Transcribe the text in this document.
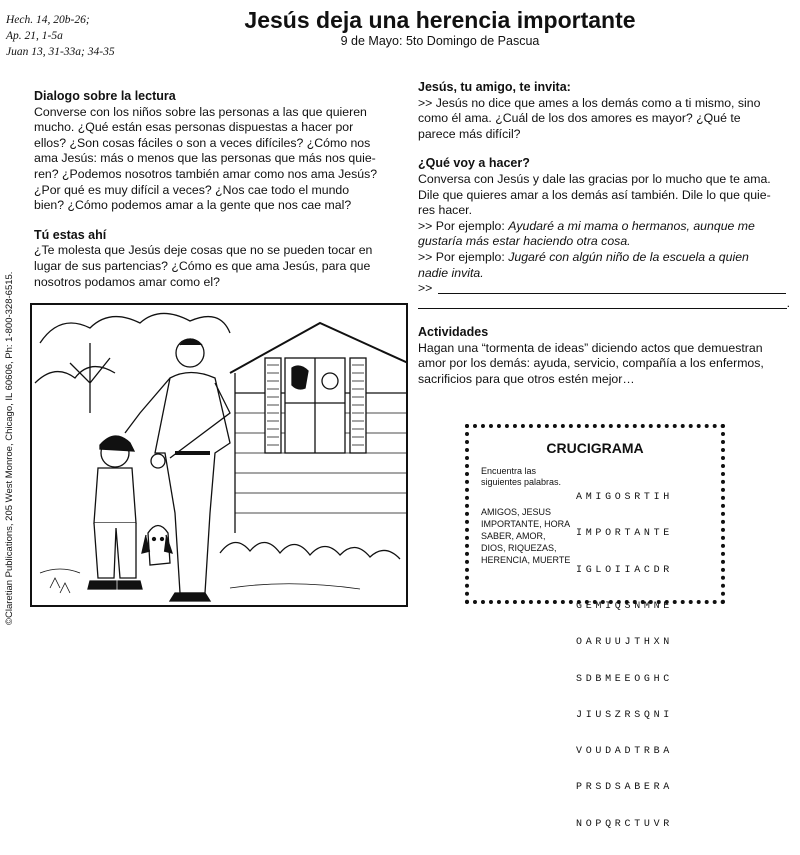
Hech. 14, 20b-26;
Ap. 21, 1-5a
Juan 13, 31-33a; 34-35
Jesús deja una herencia importante
9 de Mayo: 5to Domingo de Pascua

Dialogo sobre la lectura

Converse con los niños sobre las personas a las que quieren

mucho. ¿Qué están esas personas dispuestas a hacer por

ellos? ¿Son cosas fáciles o son a veces difíciles? ¿Cómo nos

ama Jesús: más o menos que las personas que más nos quie-

ren? ¿Podemos nosotros también amar como nos ama Jesús?

¿Por qué es muy difícil a veces? ¿Nos cae todo el mundo

bien? ¿Cómo podemos amar a la gente que nos cae mal?

Tú estas ahí

¿Te molesta que Jesús deje cosas que no se pueden tocar en

lugar de sus partencias? ¿Cómo es que ama Jesús, para que

nosotros podamos amar como el?

Jesús, tu amigo, te invita:

>> Jesús no dice que ames a los demás como a ti mismo, sino

como él ama. ¿Cuál de los dos amores es mayor? ¿Qué te

parece más difícil?

¿Qué voy a hacer?

Conversa con Jesús y dale las gracias por lo mucho que te ama.

Dile que quieres amar a los demás así también. Dile lo que quie-

res hacer.

>> Por ejemplo: Ayudaré a mi mama o hermanos, aunque me

gustaría más estar haciendo otra cosa.

>> Por ejemplo: Jugaré con algún niño de la escuela a quien

nadie invita.

>>
.

Actividades

Hagan una “tormenta de ideas” diciendo actos que demuestran

amor por los demás: ayuda, servicio, compañía a los enfermos,

sacrificios para que otros estén mejor…

©Claretian Publications, 205 West Monroe, Chicago, IL 60606, Ph: 1-800-328-6515.	CRUCIGRAMA
Encuentra las
siguientes palabras.
AMIGOS, JESUS
IMPORTANTE, HORA
SABER, AMOR,
DIOS, RIQUEZAS,
HERENCIA, MUERTE

AMIGOSRTIH

IMPORTANTE

IGLOIIACDR

GEMIQSNMNE

OARUUJTHXN

SDBMEEOGHC

JIUSZRSQNI

VOUDADTRBA

PRSDSABERA

NOPQRCTUVR
